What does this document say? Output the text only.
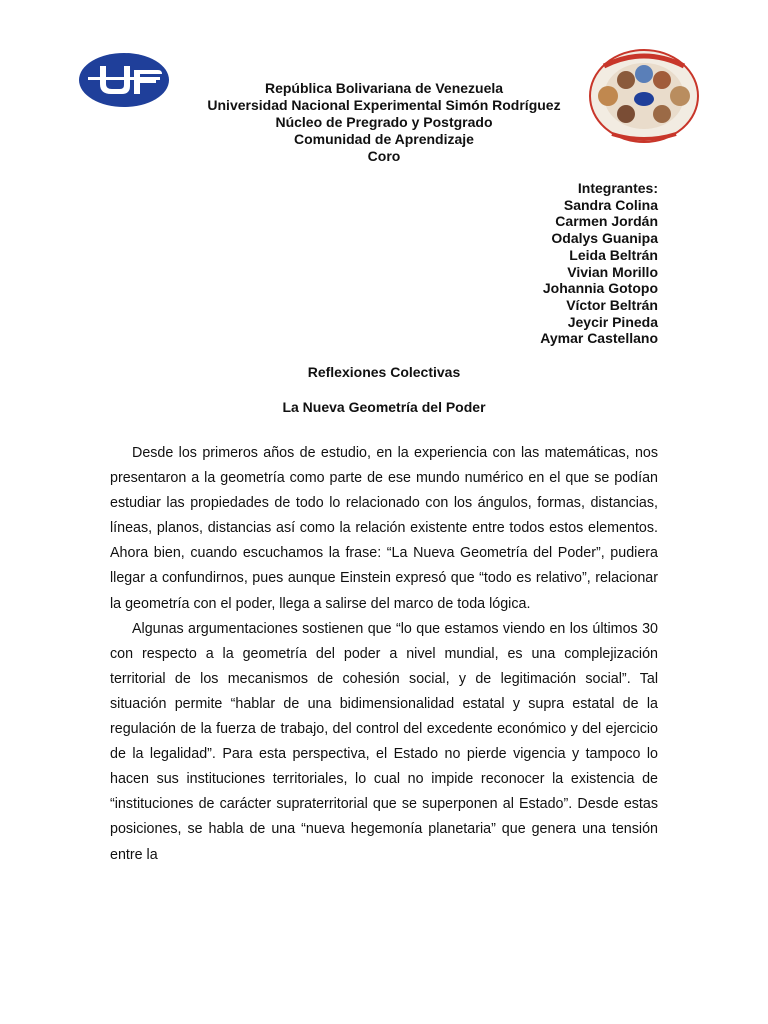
República Bolivariana de Venezuela
Universidad Nacional Experimental Simón Rodríguez
Núcleo de Pregrado y Postgrado
Comunidad de Aprendizaje
Coro
Integrantes:
Sandra Colina
Carmen Jordán
Odalys Guanipa
Leida Beltrán
Vivian Morillo
Johannia Gotopo
Víctor Beltrán
Jeycir Pineda
Aymar Castellano
Reflexiones Colectivas
La Nueva Geometría del Poder

Desde los primeros años de estudio, en la experiencia con las matemáticas, nos presentaron a la geometría como parte de ese mundo numérico en el que se podían estudiar las propiedades de todo lo relacionado con los ángulos, formas, distancias, líneas, planos, distancias así como la relación existente entre todos estos elementos. Ahora bien, cuando escuchamos la frase: “La Nueva Geometría del Poder”, pudiera llegar a confundirnos, pues aunque Einstein expresó que “todo es relativo”, relacionar la geometría con el poder, llega a salirse del marco de toda lógica.

Algunas argumentaciones sostienen que “lo que estamos viendo en los últimos 30 con respecto a la geometría del poder a nivel mundial, es una complejización territorial de los mecanismos de cohesión social, y de legitimación social”. Tal situación permite “hablar de una bidimensionalidad estatal y supra estatal de la regulación de la fuerza de trabajo, del control del excedente económico y del ejercicio de la legalidad”. Para esta perspectiva, el Estado no pierde vigencia y tampoco lo hacen sus instituciones territoriales, lo cual no impide reconocer la existencia de “instituciones de carácter supraterritorial que se superponen al Estado”. Desde estas posiciones, se habla de una “nueva hegemonía planetaria” que genera una tensión entre la
